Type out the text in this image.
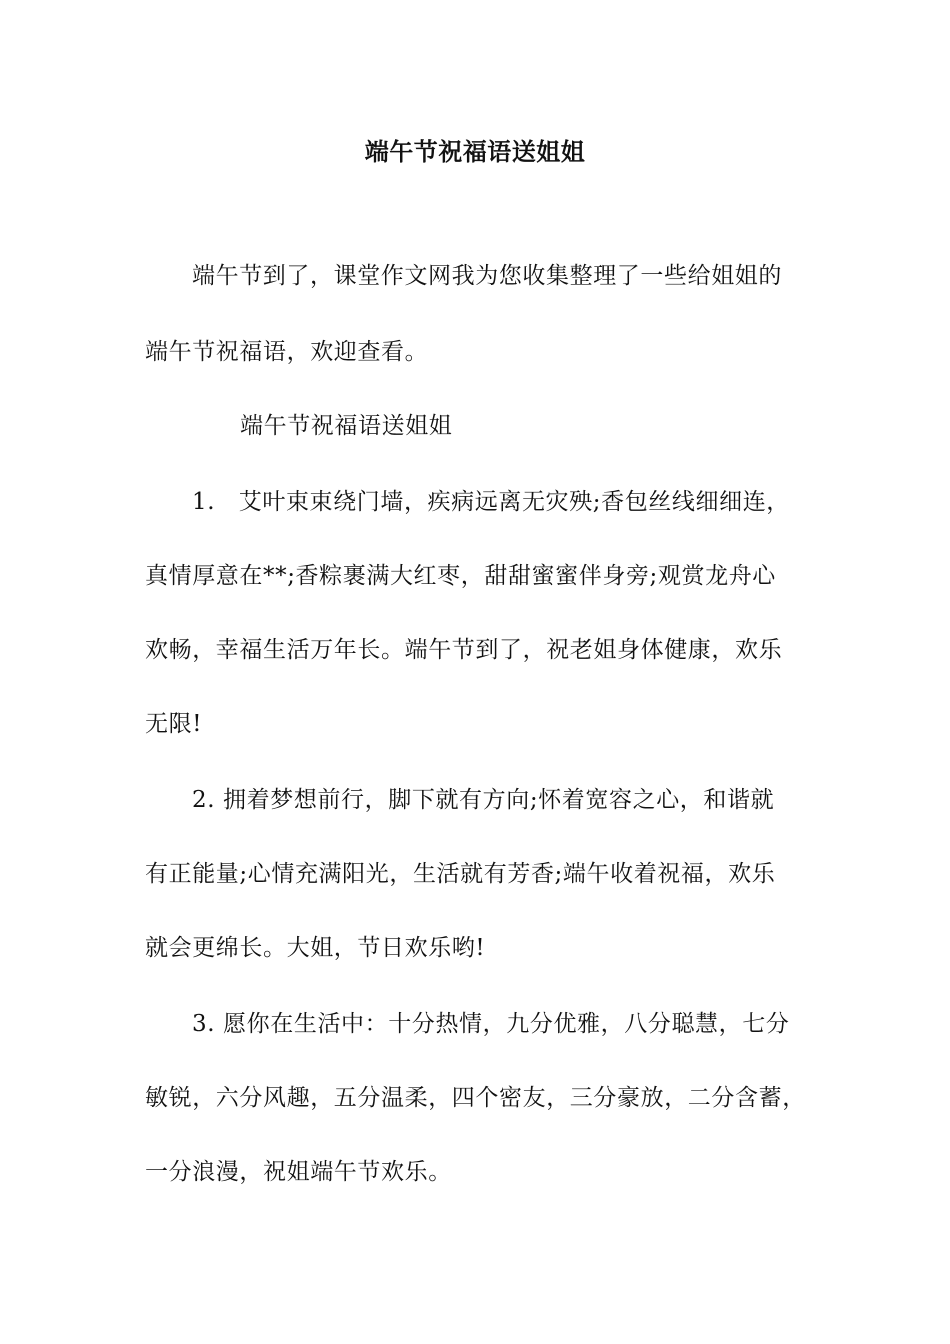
端午节祝福语送姐姐
端午节到了，课堂作文网我为您收集整理了一些给姐姐的
端午节祝福语，欢迎查看。
端午节祝福语送姐姐
1.　艾叶束束绕门墙，疾病远离无灾殃;香包丝线细细连，
真情厚意在**;香粽裹满大红枣，甜甜蜜蜜伴身旁;观赏龙舟心
欢畅，幸福生活万年长。端午节到了，祝老姐身体健康，欢乐
无限!
2. 拥着梦想前行，脚下就有方向;怀着宽容之心，和谐就
有正能量;心情充满阳光，生活就有芳香;端午收着祝福，欢乐
就会更绵长。大姐，节日欢乐哟!
3. 愿你在生活中：十分热情，九分优雅，八分聪慧，七分
敏锐，六分风趣，五分温柔，四个密友，三分豪放，二分含蓄，
一分浪漫，祝姐端午节欢乐。
